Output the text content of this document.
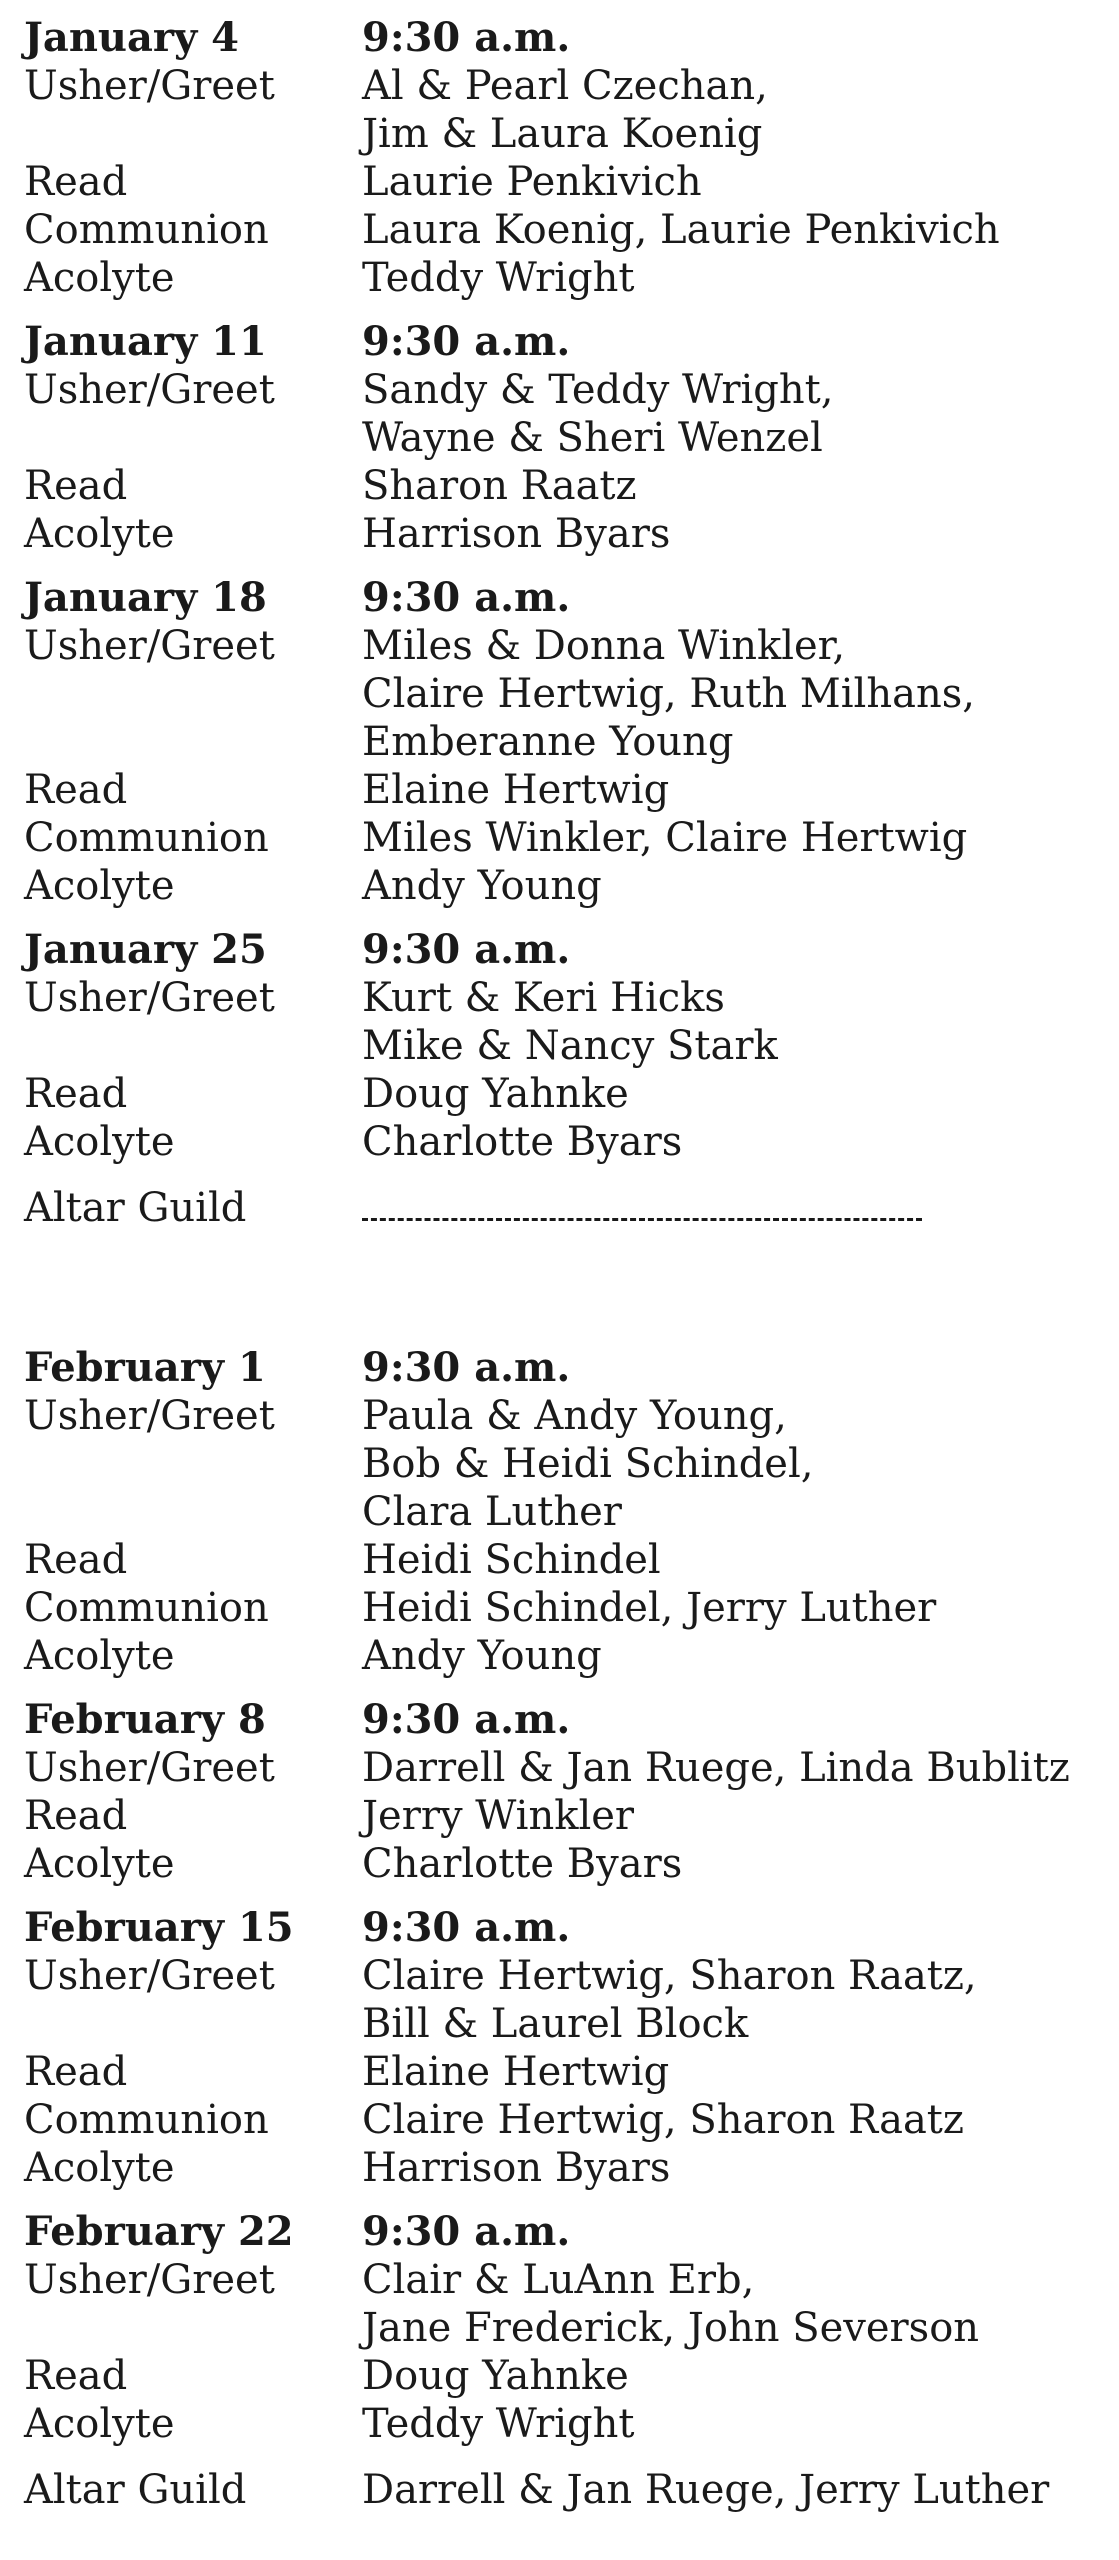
January 4	9:30 a.m.
Usher/Greet	Al & Pearl Czechan,
Jim & Laura Koenig
Read	Laurie Penkivich
Communion	Laura Koenig, Laurie Penkivich
Acolyte	Teddy Wright
January 11	9:30 a.m.
Usher/Greet	Sandy & Teddy Wright,
Wayne & Sheri Wenzel
Read	Sharon Raatz
Acolyte	Harrison Byars
January 18	9:30 a.m.
Usher/Greet	Miles & Donna Winkler,
Claire Hertwig, Ruth Milhans,
Emberanne Young
Read	Elaine Hertwig
Communion	Miles Winkler, Claire Hertwig
Acolyte	Andy Young
January 25	9:30 a.m.
Usher/Greet	Kurt & Keri Hicks
Mike & Nancy Stark
Read	Doug Yahnke
Acolyte	Charlotte Byars
Altar Guild
February 1	9:30 a.m.
Usher/Greet	Paula & Andy Young,
Bob & Heidi Schindel,
Clara Luther
Read	Heidi Schindel
Communion	Heidi Schindel, Jerry Luther
Acolyte	Andy Young
February 8	9:30 a.m.
Usher/Greet	Darrell & Jan Ruege, Linda Bublitz
Read	Jerry Winkler
Acolyte	Charlotte Byars
February 15	9:30 a.m.
Usher/Greet	Claire Hertwig, Sharon Raatz,
Bill & Laurel Block
Read	Elaine Hertwig
Communion	Claire Hertwig, Sharon Raatz
Acolyte	Harrison Byars
February 22	9:30 a.m.
Usher/Greet	Clair & LuAnn Erb,
Jane Frederick, John Severson
Read	Doug Yahnke
Acolyte	Teddy Wright
Altar Guild	Darrell & Jan Ruege, Jerry Luther
